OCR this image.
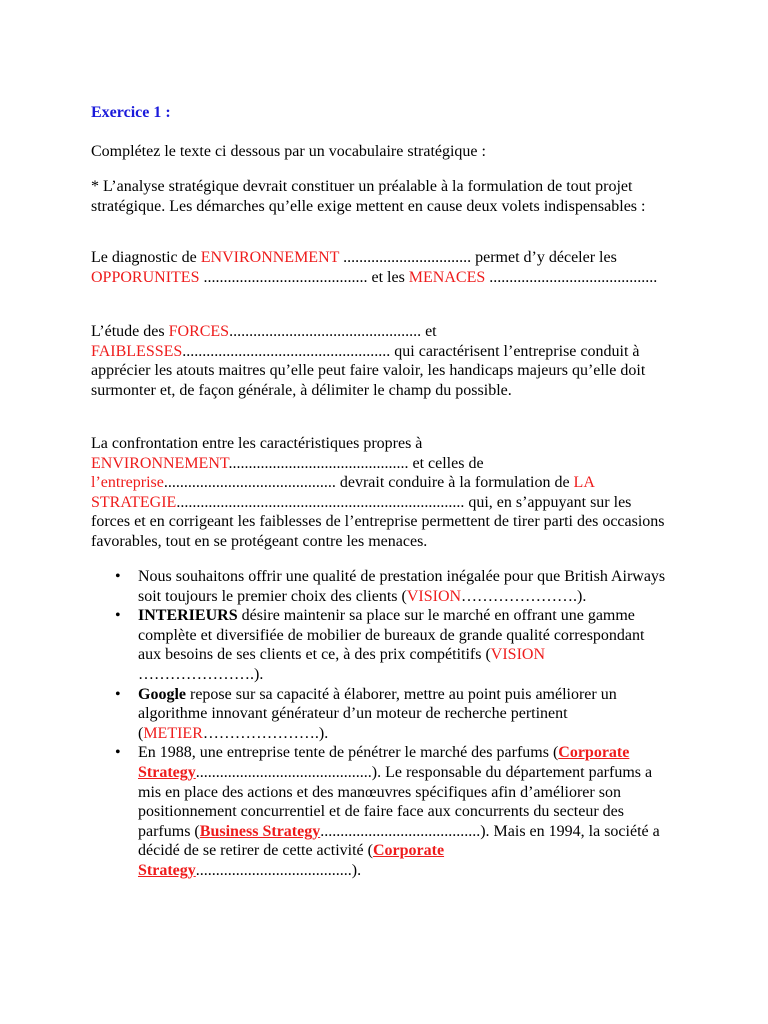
Exercice 1 :
Complétez le texte ci dessous par un vocabulaire stratégique :
* L’analyse stratégique devrait constituer un préalable à la formulation de tout projet stratégique. Les démarches qu’elle exige mettent en cause deux volets indispensables :
Le diagnostic de ENVIRONNEMENT ................................ permet d’y déceler les OPPORUNITES ......................................... et les MENACES ..........................................
L’étude des FORCES................................................ et FAIBLESSES.................................................... qui caractérisent l’entreprise conduit à apprécier les atouts maitres qu’elle peut faire valoir, les handicaps majeurs qu’elle doit surmonter et, de façon générale, à délimiter le champ du possible.
La confrontation entre les caractéristiques propres à ENVIRONNEMENT............................................. et celles de l’entreprise........................................... devrait conduire à la formulation de LA STRATEGIE........................................................................ qui, en s’appuyant sur les forces et en corrigeant les faiblesses de l’entreprise permettent de tirer parti des occasions favorables, tout en se protégeant contre les menaces.
• Nous souhaitons offrir une qualité de prestation inégalée pour que British Airways soit toujours le premier choix des clients (VISION………………….).
• INTERIEURS désire maintenir sa place sur le marché en offrant une gamme complète et diversifiée de mobilier de bureaux de grande qualité correspondant aux besoins de ses clients et ce, à des prix compétitifs (VISION ………………….).
• Google repose sur sa capacité à élaborer, mettre au point puis améliorer un algorithme innovant générateur d’un moteur de recherche pertinent (METIER………………….).
• En 1988, une entreprise tente de pénétrer le marché des parfums (Corporate Strategy............................................). Le responsable du département parfums a mis en place des actions et des manœuvres spécifiques afin d’améliorer son positionnement concurrentiel et de faire face aux concurrents du secteur des parfums (Business Strategy........................................). Mais en 1994, la société a décidé de se retirer de cette activité (Corporate Strategy.......................................).
